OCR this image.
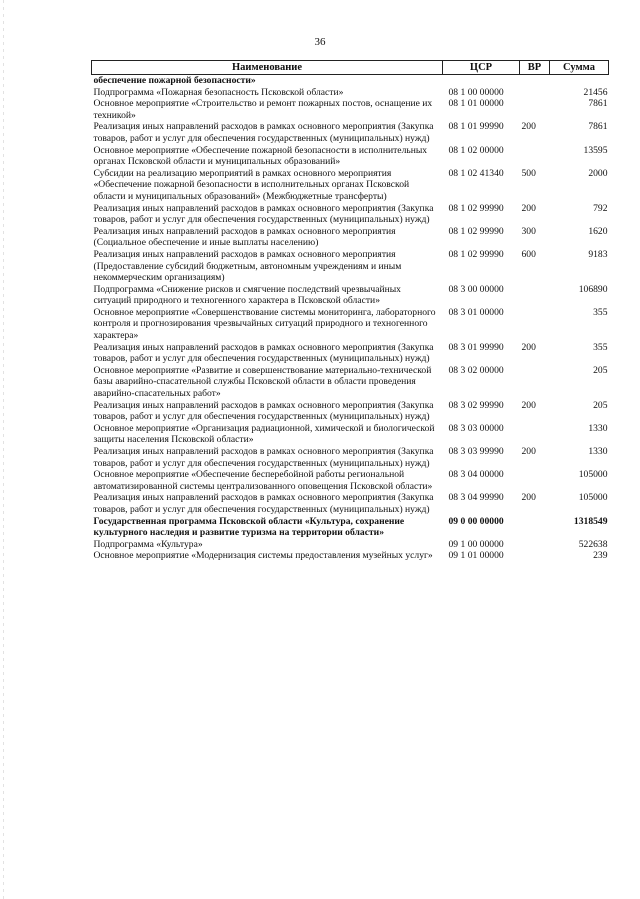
36
Наименование	ЦСР	ВР	Сумма
обеспечение пожарной безопасности»			
Подпрограмма «Пожарная безопасность Псковской области»	08 1 00 00000		21456
Основное мероприятие «Строительство и ремонт пожарных постов, оснащение их техникой»	08 1 01 00000		7861
Реализация иных направлений расходов в рамках основного мероприятия (Закупка товаров, работ и услуг для обеспечения государственных (муниципальных) нужд)	08 1 01 99990	200	7861
Основное мероприятие «Обеспечение пожарной безопасности в исполнительных органах Псковской области и муниципальных образований»	08 1 02 00000		13595
Субсидии на реализацию мероприятий в рамках основного мероприятия «Обеспечение пожарной безопасности в исполнительных органах Псковской области и муниципальных образований» (Межбюджетные трансферты)	08 1 02 41340	500	2000
Реализация иных направлений расходов в рамках основного мероприятия (Закупка товаров, работ и услуг для обеспечения государственных (муниципальных) нужд)	08 1 02 99990	200	792
Реализация иных направлений расходов в рамках основного мероприятия (Социальное обеспечение и иные выплаты населению)	08 1 02 99990	300	1620
Реализация иных направлений расходов в рамках основного мероприятия (Предоставление субсидий бюджетным, автономным учреждениям и иным некоммерческим организациям)	08 1 02 99990	600	9183
Подпрограмма «Снижение рисков и смягчение последствий чрезвычайных ситуаций природного и техногенного характера в Псковской области»	08 3 00 00000		106890
Основное мероприятие «Совершенствование системы мониторинга, лабораторного контроля и прогнозирования чрезвычайных ситуаций природного и техногенного характера»	08 3 01 00000		355
Реализация иных направлений расходов в рамках основного мероприятия (Закупка товаров, работ и услуг для обеспечения государственных (муниципальных) нужд)	08 3 01 99990	200	355
Основное мероприятие «Развитие и совершенствование материально-технической базы аварийно-спасательной службы Псковской области в области проведения аварийно-спасательных работ»	08 3 02 00000		205
Реализация иных направлений расходов в рамках основного мероприятия (Закупка товаров, работ и услуг для обеспечения государственных (муниципальных) нужд)	08 3 02 99990	200	205
Основное мероприятие «Организация радиационной, химической и биологической защиты населения Псковской области»	08 3 03 00000		1330
Реализация иных направлений расходов в рамках основного мероприятия (Закупка товаров, работ и услуг для обеспечения государственных (муниципальных) нужд)	08 3 03 99990	200	1330
Основное мероприятие «Обеспечение бесперебойной работы региональной автоматизированной системы централизованного оповещения Псковской области»	08 3 04 00000		105000
Реализация иных направлений расходов в рамках основного мероприятия (Закупка товаров, работ и услуг для обеспечения государственных (муниципальных) нужд)	08 3 04 99990	200	105000
Государственная программа Псковской области «Культура, сохранение культурного наследия и развитие туризма на территории области»	09 0 00 00000		1318549
Подпрограмма «Культура»	09 1 00 00000		522638
Основное мероприятие «Модернизация системы предоставления музейных услуг»	09 1 01 00000		239
